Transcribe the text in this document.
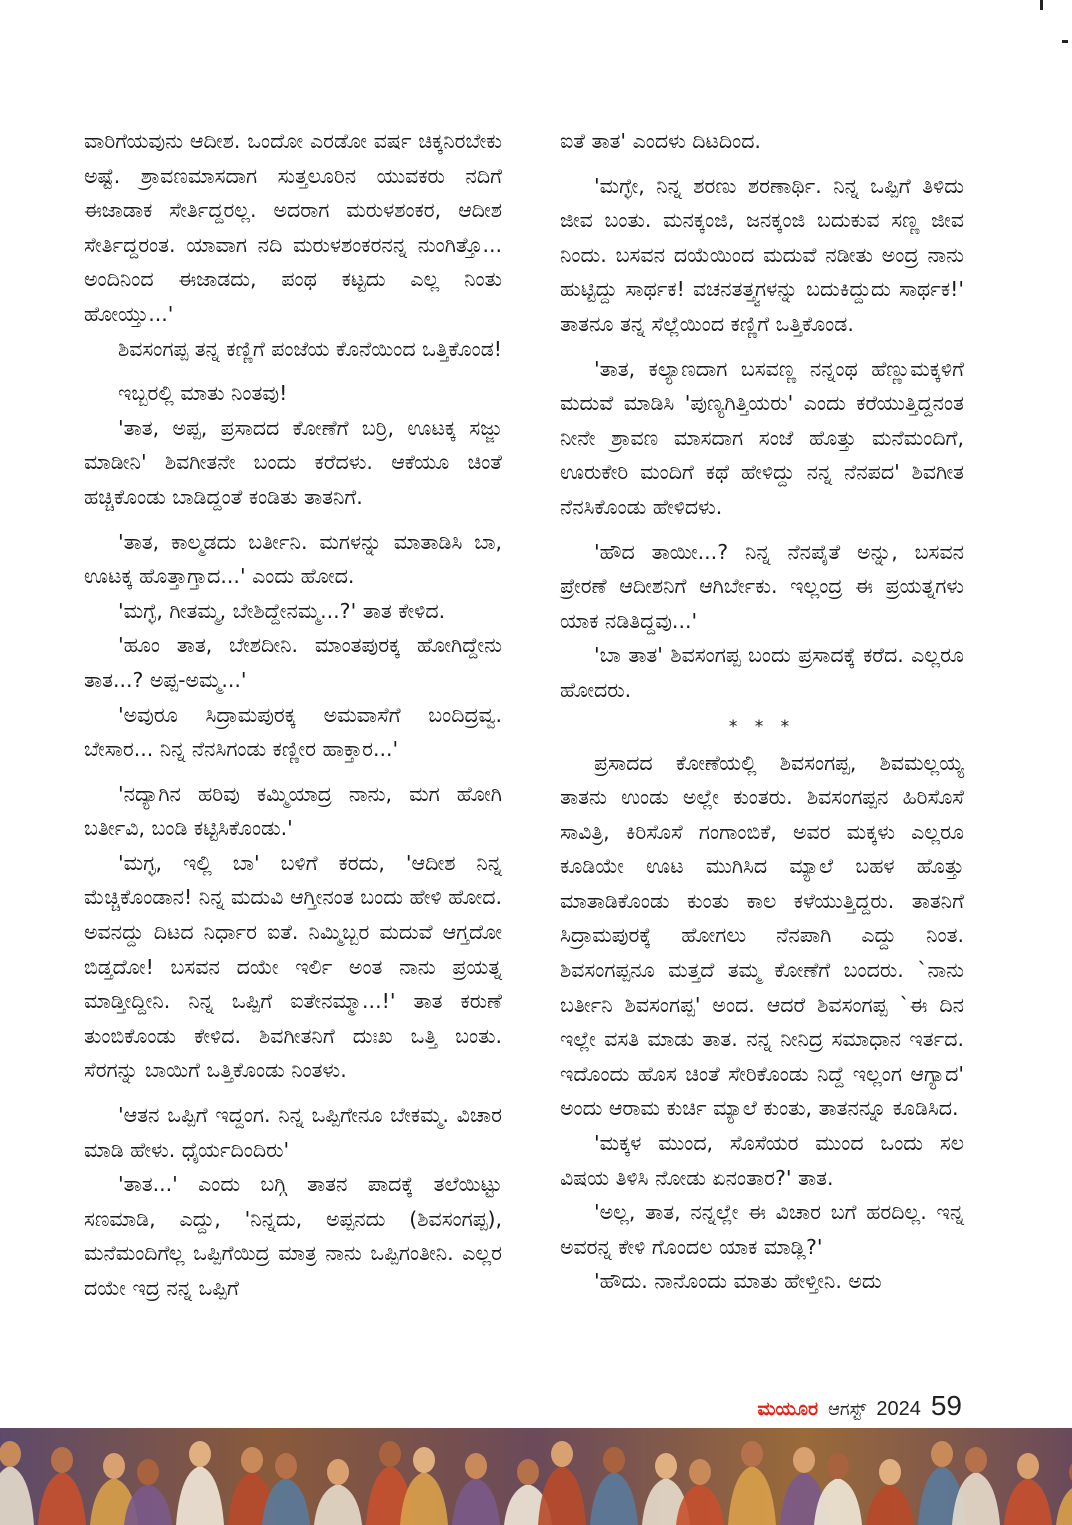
ವಾರಿಗೆಯವುನು ಆದೀಶ. ಒಂದೋ ಎರಡೋ ವರ್ಷ ಚಿಕ್ಕನಿರಬೇಕು ಅಷ್ಟೆ. ಶ್ರಾವಣಮಾಸದಾಗ ಸುತ್ತಲೂರಿನ ಯುವಕರು ನದಿಗೆ ಈಜಾಡಾಕ ಸೇರ್ತಿದ್ದರಲ್ಲ. ಅದರಾಗ ಮರುಳಶಂಕರ, ಆದೀಶ ಸೇರ್ತಿದ್ದರಂತ. ಯಾವಾಗ ನದಿ ಮರುಳಶಂಕರನನ್ನ ನುಂಗಿತ್ತೊ... ಅಂದಿನಿಂದ ಈಜಾಡದು, ಪಂಥ ಕಟ್ಟದು ಎಲ್ಲ ನಿಂತು ಹೋಯ್ತು...'

ಶಿವಸಂಗಪ್ಪ ತನ್ನ ಕಣ್ಣಿಗೆ ಪಂಜೆಯ ಕೊನೆಯಿಂದ ಒತ್ತಿಕೊಂಡ!

ಇಬ್ಬರಲ್ಲಿ ಮಾತು ನಿಂತವು!

'ತಾತ, ಅಪ್ಪ, ಪ್ರಸಾದದ ಕೋಣೆಗೆ ಬರ್ರಿ, ಊಟಕ್ಕ ಸಜ್ಜು ಮಾಡೀನಿ' ಶಿವಗೀತನೇ ಬಂದು ಕರೆದಳು. ಆಕೆಯೂ ಚಿಂತೆ ಹಚ್ಚಿಕೊಂಡು ಬಾಡಿದ್ದಂತೆ ಕಂಡಿತು ತಾತನಿಗೆ.

'ತಾತ, ಕಾಲ್ಮಡದು ಬರ್ತೀನಿ. ಮಗಳನ್ನು ಮಾತಾಡಿಸಿ ಬಾ, ಊಟಕ್ಕ ಹೊತ್ತಾಗ್ತಾದ...' ಎಂದು ಹೋದ.

'ಮಗ್ಳೆ, ಗೀತಮ್ಮ, ಬೇಶಿದ್ದೇನಮ್ಮ...?' ತಾತ ಕೇಳಿದ.

'ಹೂಂ ತಾತ, ಬೇಶದೀನಿ. ಮಾಂತಪುರಕ್ಕ ಹೋಗಿದ್ದೇನು ತಾತ...? ಅಪ್ಪ-ಅಮ್ಮ...'

'ಅವುರೂ ಸಿದ್ರಾಮಪುರಕ್ಕ ಅಮವಾಸೆಗೆ ಬಂದಿದ್ರವ್ವ. ಬೇಸಾರ... ನಿನ್ನ ನೆನಸಿಗಂಡು ಕಣ್ಣೀರ ಹಾಕ್ತಾರ...'

'ನದ್ಯಾಗಿನ ಹರಿವು ಕಮ್ಮಿಯಾದ್ರ ನಾನು, ಮಗ ಹೋಗಿ ಬರ್ತೀವಿ, ಬಂಡಿ ಕಟ್ಟಿಸಿಕೊಂಡು.'

'ಮಗ್ಳ, ಇಲ್ಲಿ ಬಾ' ಬಳಿಗೆ ಕರದು, 'ಆದೀಶ ನಿನ್ನ ಮೆಚ್ಚಿಕೊಂಡಾನ! ನಿನ್ನ ಮದುವಿ ಆಗ್ತೀನಂತ ಬಂದು ಹೇಳಿ ಹೋದ. ಅವನದ್ದು ದಿಟದ ನಿರ್ಧಾರ ಐತೆ. ನಿಮ್ಮಿಬ್ಬರ ಮದುವೆ ಆಗ್ತದೋ ಬಿಡ್ತದೋ! ಬಸವನ ದಯೇ ಇರ್ಲಿ ಅಂತ ನಾನು ಪ್ರಯತ್ನ ಮಾಡ್ತೀದ್ದೀನಿ. ನಿನ್ನ ಒಪ್ಪಿಗೆ ಐತೇನಮ್ಮಾ...!' ತಾತ ಕರುಣೆ ತುಂಬಿಕೊಂಡು ಕೇಳಿದ. ಶಿವಗೀತನಿಗೆ ದುಃಖ ಒತ್ತಿ ಬಂತು. ಸೆರಗನ್ನು ಬಾಯಿಗೆ ಒತ್ತಿಕೊಂಡು ನಿಂತಳು.

'ಆತನ ಒಪ್ಪಿಗೆ ಇದ್ದಂಗ. ನಿನ್ನ ಒಪ್ಪಿಗೇನೂ ಬೇಕಮ್ಮ. ವಿಚಾರ ಮಾಡಿ ಹೇಳು. ಧೈರ್ಯದಿಂದಿರು'

'ತಾತ...' ಎಂದು ಬಗ್ಗಿ ತಾತನ ಪಾದಕ್ಕೆ ತಲೆಯಿಟ್ಟು ಸಣಮಾಡಿ, ಎದ್ದು, 'ನಿನ್ನದು, ಅಪ್ಪನದು (ಶಿವಸಂಗಪ್ಪ), ಮನೆಮಂದಿಗೆಲ್ಲ ಒಪ್ಪಿಗೆಯಿದ್ರ ಮಾತ್ರ ನಾನು ಒಪ್ಪಿಗಂತೀನಿ. ಎಲ್ಲರ ದಯೇ ಇದ್ರ ನನ್ನ ಒಪ್ಪಿಗೆ

ಐತೆ ತಾತ' ಎಂದಳು ದಿಟದಿಂದ.

'ಮಗ್ಳೇ, ನಿನ್ನ ಶರಣು ಶರಣಾರ್ಥಿ. ನಿನ್ನ ಒಪ್ಪಿಗೆ ತಿಳಿದು ಜೀವ ಬಂತು. ಮನಕ್ಕಂಜಿ, ಜನಕ್ಕಂಜಿ ಬದುಕುವ ಸಣ್ಣ ಜೀವ ನಿಂದು. ಬಸವನ ದಯೆಯಿಂದ ಮದುವೆ ನಡೀತು ಅಂದ್ರ ನಾನು ಹುಟ್ಟಿದ್ದು ಸಾರ್ಥಕ! ವಚನತತ್ತ್ವಗಳನ್ನು ಬದುಕಿದ್ದುದು ಸಾರ್ಥಕ!' ತಾತನೂ ತನ್ನ ಸೆಲ್ಲೆಯಿಂದ ಕಣ್ಣಿಗೆ ಒತ್ತಿಕೊಂಡ.

'ತಾತ, ಕಲ್ಯಾಣದಾಗ ಬಸವಣ್ಣ ನನ್ನಂಥ ಹೆಣ್ಣುಮಕ್ಕಳಿಗೆ ಮದುವೆ ಮಾಡಿಸಿ 'ಪುಣ್ಯಗಿತ್ತಿಯರು' ಎಂದು ಕರೆಯುತ್ತಿದ್ದನಂತ ನೀನೇ ಶ್ರಾವಣ ಮಾಸದಾಗ ಸಂಜೆ ಹೊತ್ತು ಮನೆಮಂದಿಗೆ, ಊರುಕೇರಿ ಮಂದಿಗೆ ಕಥೆ ಹೇಳಿದ್ದು ನನ್ನ ನೆನಪದ' ಶಿವಗೀತ ನೆನಸಿಕೊಂಡು ಹೇಳಿದಳು.

'ಹೌದ ತಾಯೀ...? ನಿನ್ನ ನೆನಪೈತೆ ಅನ್ನು, ಬಸವನ ಪ್ರೇರಣೆ ಆದೀಶನಿಗೆ ಆಗಿರ್ಬೇಕು. ಇಲ್ಲಂದ್ರ ಈ ಪ್ರಯತ್ನಗಳು ಯಾಕ ನಡಿತಿದ್ದವು...'

'ಬಾ ತಾತ' ಶಿವಸಂಗಪ್ಪ ಬಂದು ಪ್ರಸಾದಕ್ಕೆ ಕರೆದ. ಎಲ್ಲರೂ ಹೋದರು.

* * *

ಪ್ರಸಾದದ ಕೋಣೆಯಲ್ಲಿ ಶಿವಸಂಗಪ್ಪ, ಶಿವಮಲ್ಲಯ್ಯ ತಾತನು ಉಂಡು ಅಲ್ಲೇ ಕುಂತರು. ಶಿವಸಂಗಪ್ಪನ ಹಿರಿಸೊಸೆ ಸಾವಿತ್ರಿ, ಕಿರಿಸೊಸೆ ಗಂಗಾಂಬಿಕೆ, ಅವರ ಮಕ್ಕಳು ಎಲ್ಲರೂ ಕೂಡಿಯೇ ಊಟ ಮುಗಿಸಿದ ಮ್ಯಾಲೆ ಬಹಳ ಹೊತ್ತು ಮಾತಾಡಿಕೊಂಡು ಕುಂತು ಕಾಲ ಕಳೆಯುತ್ತಿದ್ದರು. ತಾತನಿಗೆ ಸಿದ್ರಾಮಪುರಕ್ಕೆ ಹೋಗಲು ನೆನಪಾಗಿ ಎದ್ದು ನಿಂತ. ಶಿವಸಂಗಪ್ಪನೂ ಮತ್ತದೆ ತಮ್ಮ ಕೋಣೆಗೆ ಬಂದರು. `ನಾನು ಬರ್ತೀನಿ ಶಿವಸಂಗಪ್ಪ' ಅಂದ. ಆದರೆ ಶಿವಸಂಗಪ್ಪ `ಈ ದಿನ ಇಲ್ಲೇ ವಸತಿ ಮಾಡು ತಾತ. ನನ್ನ ನೀನಿದ್ರ ಸಮಾಧಾನ ಇರ್ತದ. ಇದೊಂದು ಹೊಸ ಚಿಂತೆ ಸೇರಿಕೊಂಡು ನಿದ್ದೆ ಇಲ್ಲಂಗ ಆಗ್ಯಾದ' ಅಂದು ಆರಾಮ ಕುರ್ಚಿ ಮ್ಯಾಲೆ ಕುಂತು, ತಾತನನ್ನೂ ಕೂಡಿಸಿದ.

'ಮಕ್ಕಳ ಮುಂದ, ಸೊಸೆಯರ ಮುಂದ ಒಂದು ಸಲ ವಿಷಯ ತಿಳಿಸಿ ನೋಡು ಏನಂತಾರ?' ತಾತ.

'ಅಲ್ಲ, ತಾತ, ನನ್ನಲ್ಲೇ ಈ ವಿಚಾರ ಬಗೆ ಹರದಿಲ್ಲ. ಇನ್ನ ಅವರನ್ನ ಕೇಳಿ ಗೊಂದಲ ಯಾಕ ಮಾಡ್ಲಿ?'

'ಹೌದು. ನಾನೊಂದು ಮಾತು ಹೇಳ್ತೀನಿ. ಅದು

ಮಯೂರ ಆಗಸ್ಟ್ 2024 59
